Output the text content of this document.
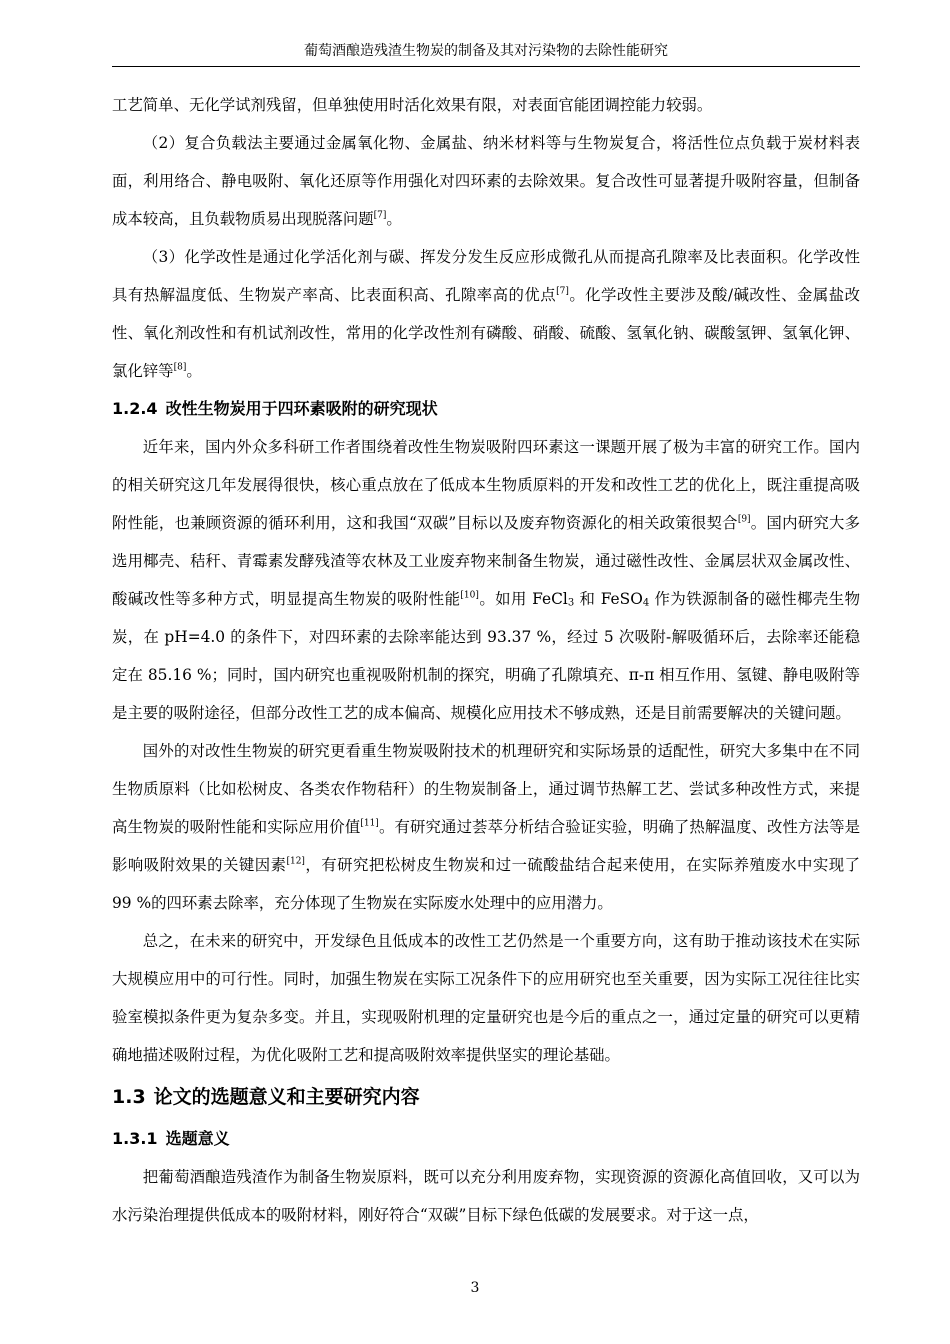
葡萄酒酿造残渣生物炭的制备及其对污染物的去除性能研究

工艺简单、无化学试剂残留，但单独使用时活化效果有限，对表面官能团调控能力较弱。

（2）复合负载法主要通过金属氧化物、金属盐、纳米材料等与生物炭复合，将活性位点负载于炭材料表面，利用络合、静电吸附、氧化还原等作用强化对四环素的去除效果。复合改性可显著提升吸附容量，但制备成本较高，且负载物质易出现脱落问题[7]。

（3）化学改性是通过化学活化剂与碳、挥发分发生反应形成微孔从而提高孔隙率及比表面积。化学改性具有热解温度低、生物炭产率高、比表面积高、孔隙率高的优点[7]。化学改性主要涉及酸/碱改性、金属盐改性、氧化剂改性和有机试剂改性，常用的化学改性剂有磷酸、硝酸、硫酸、氢氧化钠、碳酸氢钾、氢氧化钾、氯化锌等[8]。

1.2.4 改性生物炭用于四环素吸附的研究现状

近年来，国内外众多科研工作者围绕着改性生物炭吸附四环素这一课题开展了极为丰富的研究工作。国内的相关研究这几年发展得很快，核心重点放在了低成本生物质原料的开发和改性工艺的优化上，既注重提高吸附性能，也兼顾资源的循环利用，这和我国“双碳”目标以及废弃物资源化的相关政策很契合[9]。国内研究大多选用椰壳、秸秆、青霉素发酵残渣等农林及工业废弃物来制备生物炭，通过磁性改性、金属层状双金属改性、酸碱改性等多种方式，明显提高生物炭的吸附性能[10]。如用 FeCl$_3$ 和 FeSO$_4$ 作为铁源制备的磁性椰壳生物炭，在 pH=4.0 的条件下，对四环素的去除率能达到 93.37 %，经过 5 次吸附-解吸循环后，去除率还能稳定在 85.16 %；同时，国内研究也重视吸附机制的探究，明确了孔隙填充、π-π 相互作用、氢键、静电吸附等是主要的吸附途径，但部分改性工艺的成本偏高、规模化应用技术不够成熟，还是目前需要解决的关键问题。

国外的对改性生物炭的研究更看重生物炭吸附技术的机理研究和实际场景的适配性，研究大多集中在不同生物质原料（比如松树皮、各类农作物秸秆）的生物炭制备上，通过调节热解工艺、尝试多种改性方式，来提高生物炭的吸附性能和实际应用价值[11]。有研究通过荟萃分析结合验证实验，明确了热解温度、改性方法等是影响吸附效果的关键因素[12]，有研究把松树皮生物炭和过一硫酸盐结合起来使用，在实际养殖废水中实现了 99 %的四环素去除率，充分体现了生物炭在实际废水处理中的应用潜力。

总之，在未来的研究中，开发绿色且低成本的改性工艺仍然是一个重要方向，这有助于推动该技术在实际大规模应用中的可行性。同时，加强生物炭在实际工况条件下的应用研究也至关重要，因为实际工况往往比实验室模拟条件更为复杂多变。并且，实现吸附机理的定量研究也是今后的重点之一，通过定量的研究可以更精确地描述吸附过程，为优化吸附工艺和提高吸附效率提供坚实的理论基础。

1.3 论文的选题意义和主要研究内容
1.3.1 选题意义

把葡萄酒酿造残渣作为制备生物炭原料，既可以充分利用废弃物，实现资源的资源化高值回收，又可以为水污染治理提供低成本的吸附材料，刚好符合“双碳”目标下绿色低碳的发展要求。对于这一点，

3
